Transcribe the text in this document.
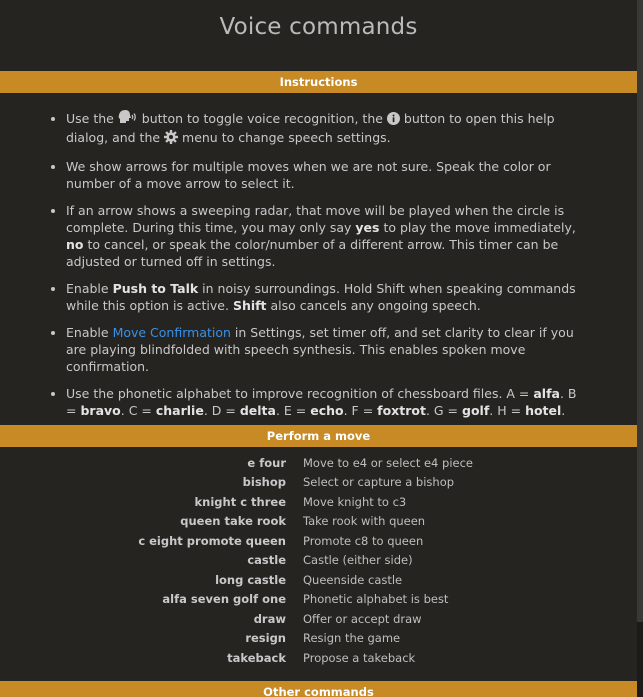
Voice commands
Instructions
• Use the  button to toggle voice recognition, the  button to open this help dialog, and the  menu to change speech settings.
• We show arrows for multiple moves when we are not sure. Speak the color or number of a move arrow to select it.
• If an arrow shows a sweeping radar, that move will be played when the circle is complete. During this time, you may only say yes to play the move immediately, no to cancel, or speak the color/number of a different arrow. This timer can be adjusted or turned off in settings.
• Enable Push to Talk in noisy surroundings. Hold Shift when speaking commands while this option is active. Shift also cancels any ongoing speech.
• Enable Move Confirmation in Settings, set timer off, and set clarity to clear if you are playing blindfolded with speech synthesis. This enables spoken move confirmation.
• Use the phonetic alphabet to improve recognition of chessboard files. A = alfa. B = bravo. C = charlie. D = delta. E = echo. F = foxtrot. G = golf. H = hotel.
Perform a move
e four	Move to e4 or select e4 piece
bishop	Select or capture a bishop
knight c three	Move knight to c3
queen take rook	Take rook with queen
c eight promote queen	Promote c8 to queen
castle	Castle (either side)
long castle	Queenside castle
alfa seven golf one	Phonetic alphabet is best
draw	Offer or accept draw
resign	Resign the game
takeback	Propose a takeback
Other commands
